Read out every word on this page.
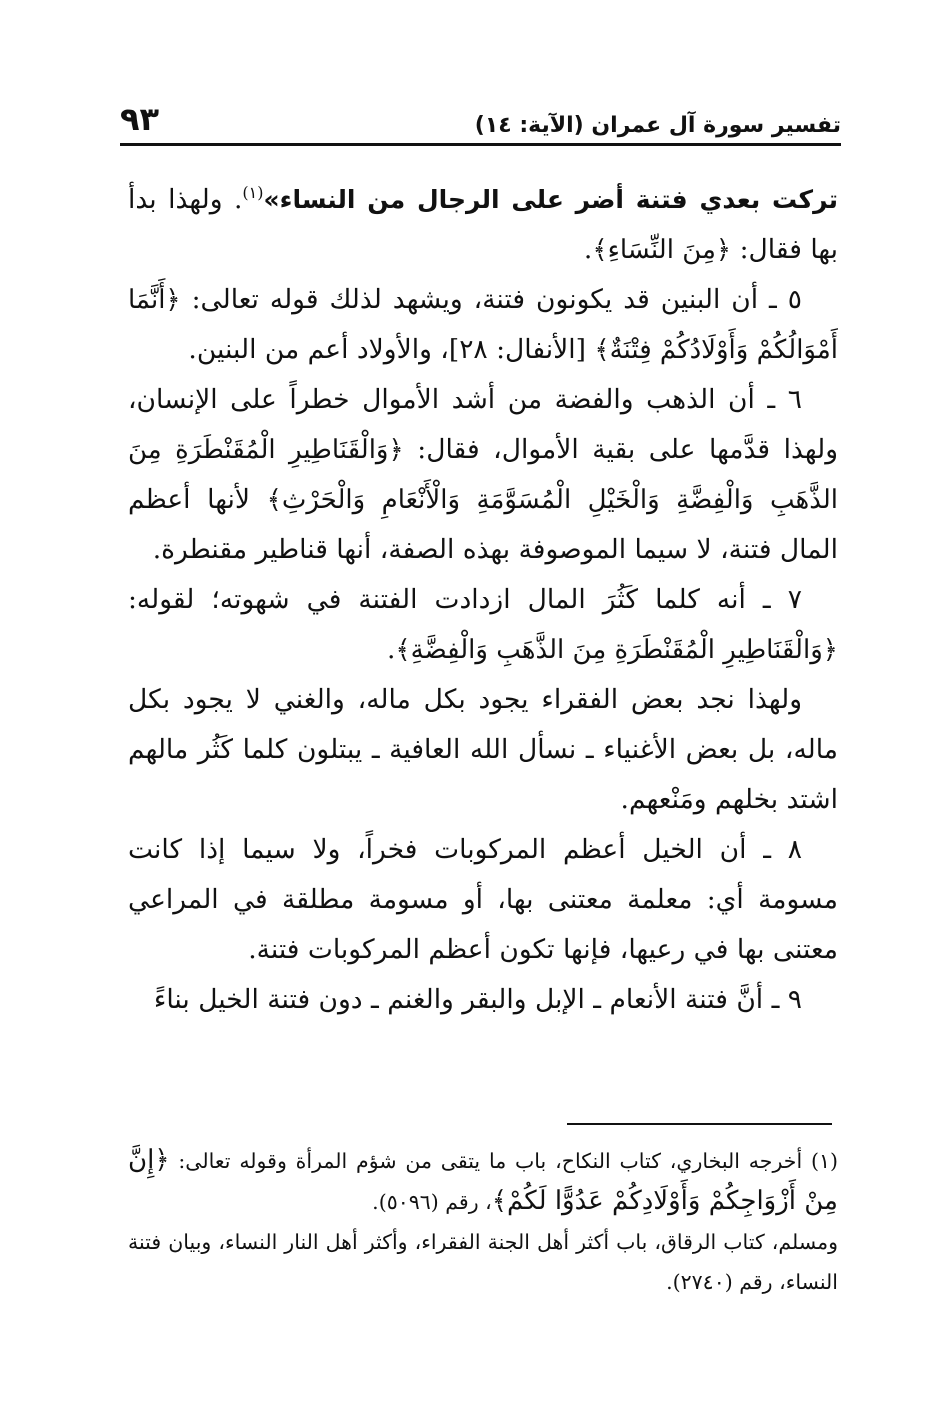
تفسير سورة آل عمران (الآية: ١٤)
٩٣

تركت بعدي فتنة أضر على الرجال من النساء»$^{(١)}$. ولهذا بدأ بها فقال: ﴿مِنَ النِّسَاءِ﴾.

٥ ـ أن البنين قد يكونون فتنة، ويشهد لذلك قوله تعالى: ﴿أَنَّمَا أَمْوَالُكُمْ وَأَوْلَادُكُمْ فِتْنَةٌ﴾ [الأنفال: ٢٨]، والأولاد أعم من البنين.

٦ ـ أن الذهب والفضة من أشد الأموال خطراً على الإنسان، ولهذا قدَّمها على بقية الأموال، فقال: ﴿وَالْقَنَاطِيرِ الْمُقَنْطَرَةِ مِنَ الذَّهَبِ وَالْفِضَّةِ وَالْخَيْلِ الْمُسَوَّمَةِ وَالْأَنْعَامِ وَالْحَرْثِ﴾ لأنها أعظم المال فتنة، لا سيما الموصوفة بهذه الصفة، أنها قناطير مقنطرة.

٧ ـ أنه كلما كَثُرَ المال ازدادت الفتنة في شهوته؛ لقوله: ﴿وَالْقَنَاطِيرِ الْمُقَنْطَرَةِ مِنَ الذَّهَبِ وَالْفِضَّةِ﴾.

ولهذا نجد بعض الفقراء يجود بكل ماله، والغني لا يجود بكل ماله، بل بعض الأغنياء ـ نسأل الله العافية ـ يبتلون كلما كَثُر مالهم اشتد بخلهم ومَنْعهم.

٨ ـ أن الخيل أعظم المركوبات فخراً، ولا سيما إذا كانت مسومة أي: معلمة معتنى بها، أو مسومة مطلقة في المراعي معتنى بها في رعيها، فإنها تكون أعظم المركوبات فتنة.

٩ ـ أنَّ فتنة الأنعام ـ الإبل والبقر والغنم ـ دون فتنة الخيل بناءً

(١) أخرجه البخاري، كتاب النكاح، باب ما يتقى من شؤم المرأة وقوله تعالى: ﴿إِنَّ مِنْ أَزْوَاجِكُمْ وَأَوْلَادِكُمْ عَدُوًّا لَكُمْ﴾، رقم (٥٠٩٦).

ومسلم، كتاب الرقاق، باب أكثر أهل الجنة الفقراء، وأكثر أهل النار النساء، وبيان فتنة النساء، رقم (٢٧٤٠).
